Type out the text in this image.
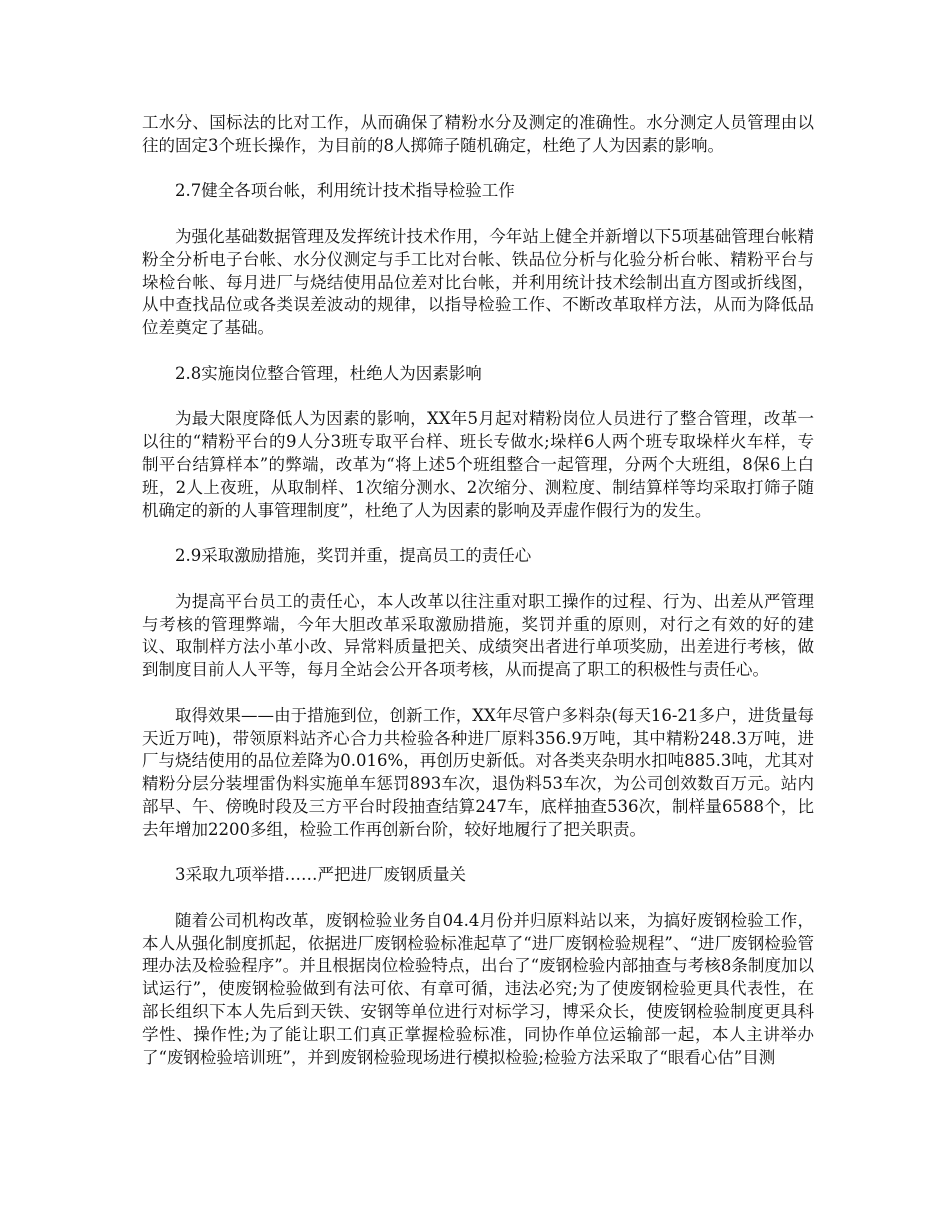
工水分、国标法的比对工作，从而确保了精粉水分及测定的准确性。水分测定人员管理由以往的固定3个班长操作，为目前的8人掷筛子随机确定，杜绝了人为因素的影响。

2.7健全各项台帐，利用统计技术指导检验工作

为强化基础数据管理及发挥统计技术作用，今年站上健全并新增以下5项基础管理台帐精粉全分析电子台帐、水分仪测定与手工比对台帐、铁品位分析与化验分析台帐、精粉平台与垛检台帐、每月进厂与烧结使用品位差对比台帐，并利用统计技术绘制出直方图或折线图，从中查找品位或各类误差波动的规律，以指导检验工作、不断改革取样方法，从而为降低品位差奠定了基础。

2.8实施岗位整合管理，杜绝人为因素影响

为最大限度降低人为因素的影响，XX年5月起对精粉岗位人员进行了整合管理，改革一以往的“精粉平台的9人分3班专取平台样、班长专做水;垛样6人两个班专取垛样火车样，专制平台结算样本”的弊端，改革为“将上述5个班组整合一起管理，分两个大班组，8保6上白班，2人上夜班，从取制样、1次缩分测水、2次缩分、测粒度、制结算样等均采取打筛子随机确定的新的人事管理制度”，杜绝了人为因素的影响及弄虚作假行为的发生。

2.9采取激励措施，奖罚并重，提高员工的责任心

为提高平台员工的责任心，本人改革以往注重对职工操作的过程、行为、出差从严管理与考核的管理弊端，今年大胆改革采取激励措施，奖罚并重的原则，对行之有效的好的建议、取制样方法小革小改、异常料质量把关、成绩突出者进行单项奖励，出差进行考核，做到制度目前人人平等，每月全站会公开各项考核，从而提高了职工的积极性与责任心。

取得效果——由于措施到位，创新工作，XX年尽管户多料杂(每天16-21多户，进货量每天近万吨)，带领原料站齐心合力共检验各种进厂原料356.9万吨，其中精粉248.3万吨，进厂与烧结使用的品位差降为0.016%，再创历史新低。对各类夹杂明水扣吨885.3吨，尤其对精粉分层分装埋雷伪料实施单车惩罚893车次，退伪料53车次，为公司创效数百万元。站内部早、午、傍晚时段及三方平台时段抽查结算247车，底样抽查536次，制样量6588个，比去年增加2200多组，检验工作再创新台阶，较好地履行了把关职责。

3采取九项举措……严把进厂废钢质量关

随着公司机构改革，废钢检验业务自04.4月份并归原料站以来，为搞好废钢检验工作，本人从强化制度抓起，依据进厂废钢检验标准起草了“进厂废钢检验规程”、“进厂废钢检验管理办法及检验程序”。并且根据岗位检验特点，出台了“废钢检验内部抽查与考核8条制度加以试运行”，使废钢检验做到有法可依、有章可循，违法必究;为了使废钢检验更具代表性，在部长组织下本人先后到天铁、安钢等单位进行对标学习，博采众长，使废钢检验制度更具科学性、操作性;为了能让职工们真正掌握检验标准，同协作单位运输部一起，本人主讲举办了“废钢检验培训班”，并到废钢检验现场进行模拟检验;检验方法采取了“眼看心估”目测
